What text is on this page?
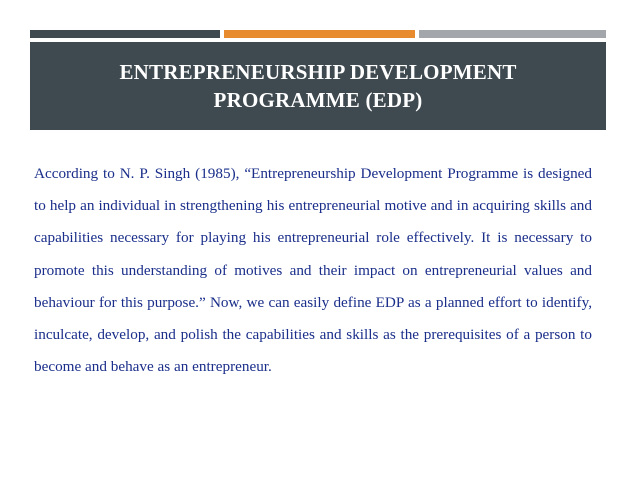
ENTREPRENEURSHIP DEVELOPMENT
PROGRAMME (EDP)

According to N. P. Singh (1985), “Entrepreneurship Development Programme is designed to help an individual in strengthening his entrepreneurial motive and in acquiring skills and capabilities necessary for playing his entrepreneurial role effectively. It is necessary to promote this understanding of motives and their impact on entrepreneurial values and behaviour for this purpose.” Now, we can easily define EDP as a planned effort to identify, inculcate, develop, and polish the capabilities and skills as the prerequisites of a person to become and behave as an entrepreneur.
